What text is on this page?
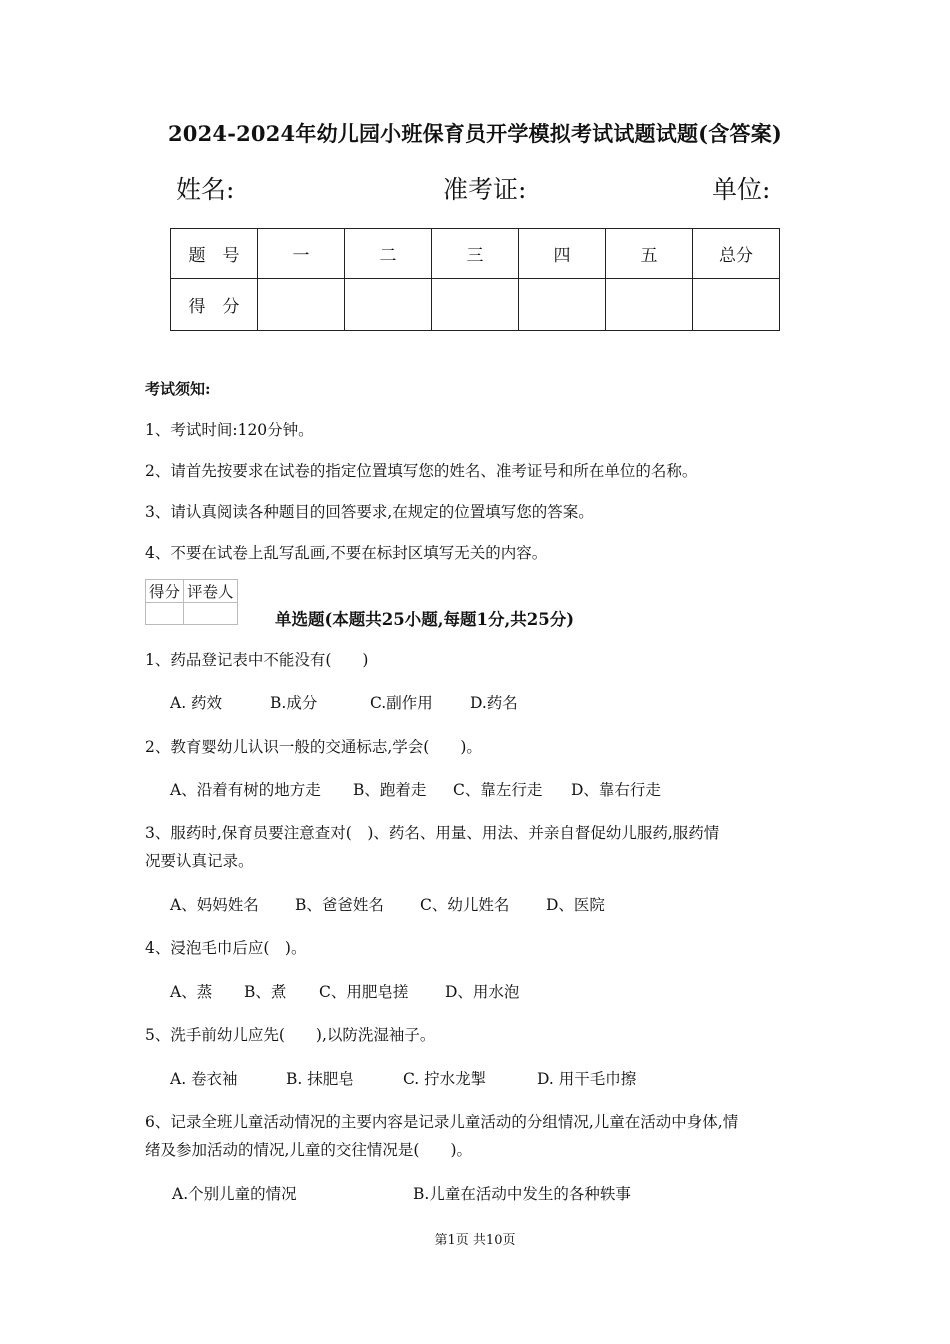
2024-2024年幼儿园小班保育员开学模拟考试试题试题(含答案)
姓名:	准考证:	单位:
题　号	一	二	三	四	五	总分
得　分						
考试须知:
1、考试时间:120分钟。
2、请首先按要求在试卷的指定位置填写您的姓名、准考证号和所在单位的名称。
3、请认真阅读各种题目的回答要求,在规定的位置填写您的答案。
4、不要在试卷上乱写乱画,不要在标封区填写无关的内容。
得分	评卷人

单选题(本题共25小题,每题1分,共25分)
1、药品登记表中不能没有(　　)
A. 药效	B.成分	C.副作用 D.药名
2、教育婴幼儿认识一般的交通标志,学会(　　)。
A、沿着有树的地方走 B、跑着走 C、靠左行走 D、靠右行走
3、服药时,保育员要注意查对(　)、药名、用量、用法、并亲自督促幼儿服药,服药情
况要认真记录。
A、妈妈姓名 B、爸爸姓名 C、幼儿姓名 D、医院
4、浸泡毛巾后应(　)。
A、蒸 B、煮 C、用肥皂搓 D、用水泡
5、洗手前幼儿应先(　　),以防洗湿袖子。
A. 卷衣袖	B. 抹肥皂	C. 拧水龙掣	D. 用干毛巾擦
6、记录全班儿童活动情况的主要内容是记录儿童活动的分组情况,儿童在活动中身体,情
绪及参加活动的情况,儿童的交往情况是(　　)。
A.个别儿童的情况	B.儿童在活动中发生的各种轶事
第1页 共10页
